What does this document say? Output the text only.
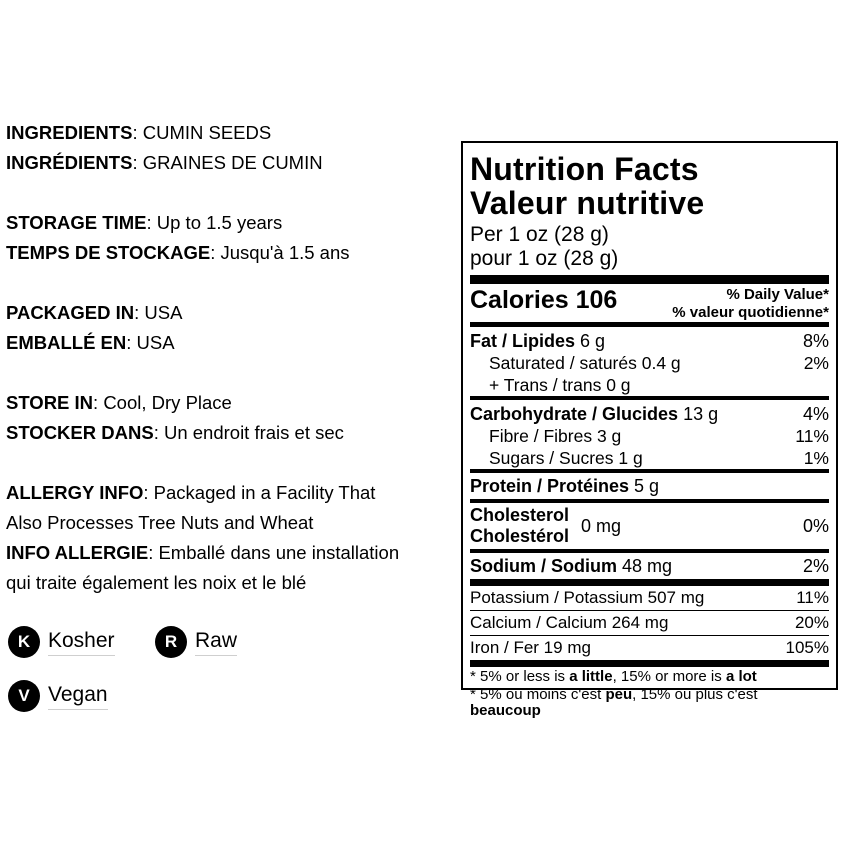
INGREDIENTS: CUMIN SEEDS
INGRÉDIENTS: GRAINES DE CUMIN
STORAGE TIME: Up to 1.5 years
TEMPS DE STOCKAGE: Jusqu'à 1.5 ans
PACKAGED IN: USA
EMBALLÉ EN: USA
STORE IN: Cool, Dry Place
STOCKER DANS: Un endroit frais et sec
ALLERGY INFO: Packaged in a Facility That
Also Processes Tree Nuts and Wheat
INFO ALLERGIE: Emballé dans une installation
qui traite également les noix et le blé
K Kosher	R Raw
V Vegan
Nutrition Facts
Valeur nutritive
Per 1 oz (28 g)
pour 1 oz (28 g)
Calories 106	% Daily Value*
% valeur quotidienne*
Fat / Lipides 6 g	8%
Saturated / saturés 0.4 g	2%
+ Trans / trans 0 g
Carbohydrate / Glucides 13 g	4%
Fibre / Fibres 3 g	11%
Sugars / Sucres 1 g	1%
Protein / Protéines 5 g
Cholesterol
Cholestérol
0 mg	0%
Sodium / Sodium 48 mg	2%
Potassium / Potassium 507 mg	11%
Calcium / Calcium 264 mg	20%
Iron / Fer 19 mg	105%
* 5% or less is a little, 15% or more is a lot
* 5% ou moins c'est peu, 15% ou plus c'est
beaucoup
